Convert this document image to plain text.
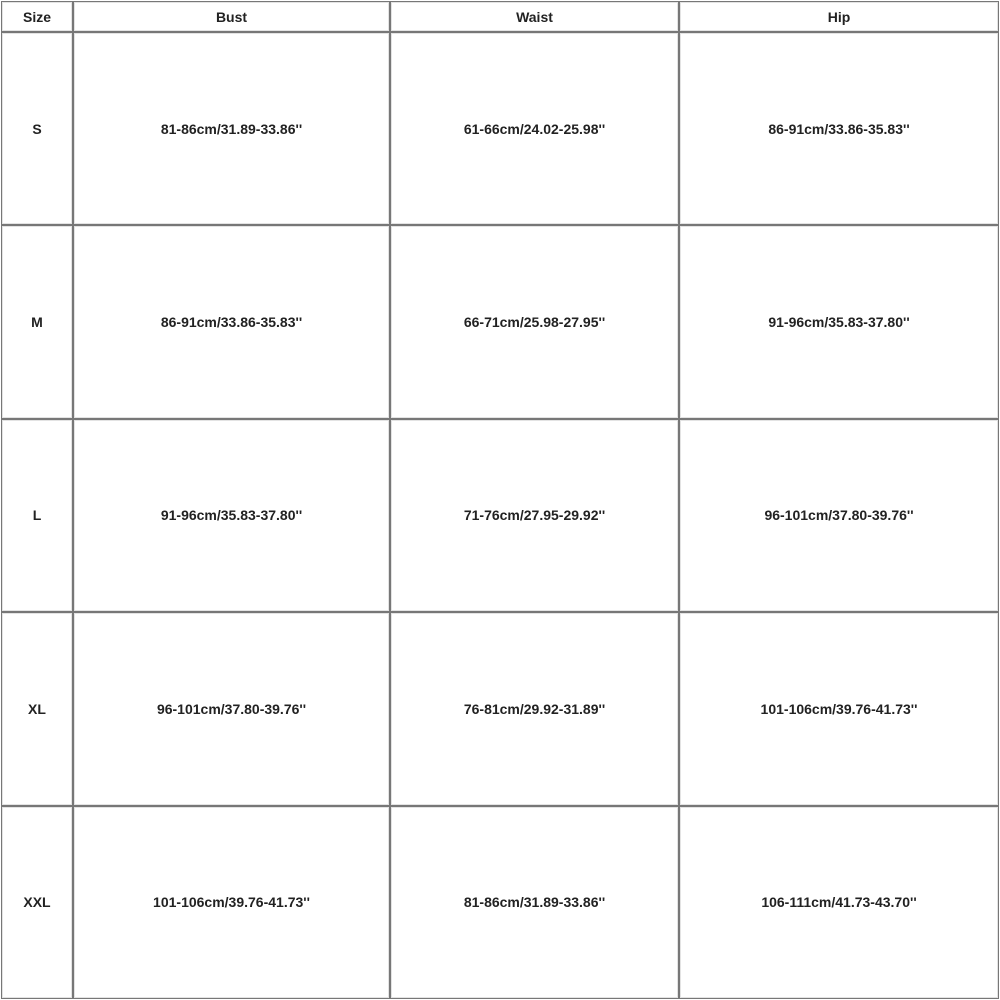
Size	Bust	Waist	Hip
S	81-86cm/31.89-33.86''	61-66cm/24.02-25.98''	86-91cm/33.86-35.83''
M	86-91cm/33.86-35.83''	66-71cm/25.98-27.95''	91-96cm/35.83-37.80''
L	91-96cm/35.83-37.80''	71-76cm/27.95-29.92''	96-101cm/37.80-39.76''
XL	96-101cm/37.80-39.76''	76-81cm/29.92-31.89''	101-106cm/39.76-41.73''
XXL	101-106cm/39.76-41.73''	81-86cm/31.89-33.86''	106-111cm/41.73-43.70''
